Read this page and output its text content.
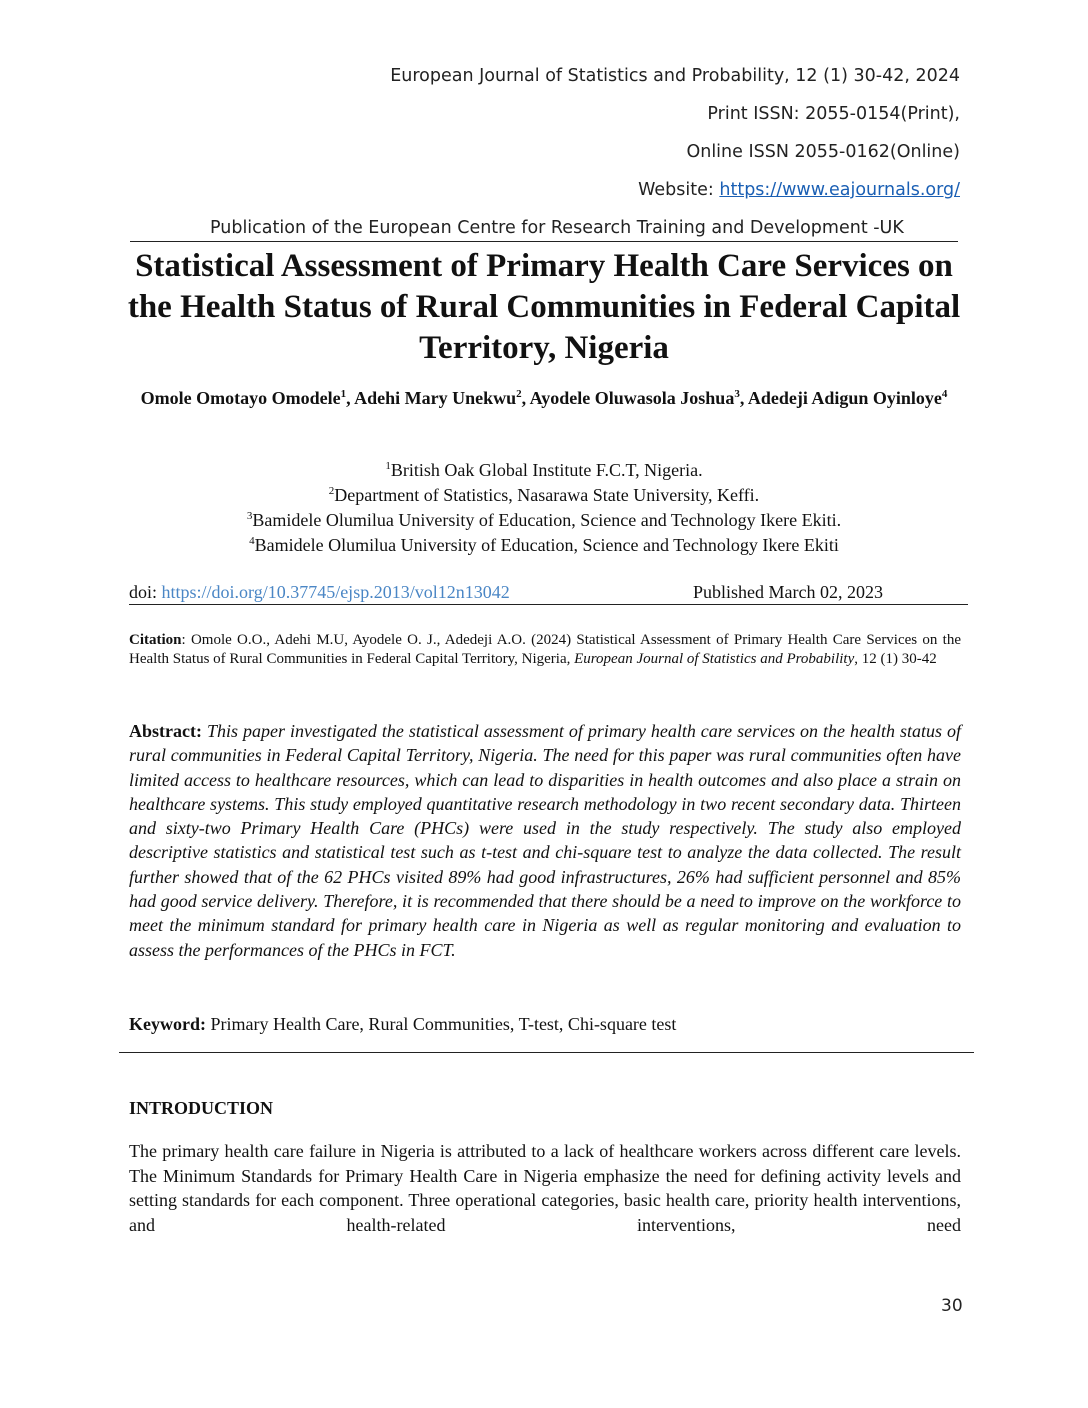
European Journal of Statistics and Probability, 12 (1) 30-42, 2024
Print ISSN: 2055-0154(Print),
Online ISSN 2055-0162(Online)
Website: https://www.eajournals.org/
Publication of the European Centre for Research Training and Development -UK
Statistical Assessment of Primary Health Care Services on the Health Status of Rural Communities in Federal Capital Territory, Nigeria
Omole Omotayo Omodele$^1$, Adehi Mary Unekwu$^2$, Ayodele Oluwasola Joshua$^3$, Adedeji Adigun Oyinloye$^4$
$^1$British Oak Global Institute F.C.T, Nigeria.
$^2$Department of Statistics, Nasarawa State University, Keffi.
$^3$Bamidele Olumilua University of Education, Science and Technology Ikere Ekiti.
$^4$Bamidele Olumilua University of Education, Science and Technology Ikere Ekiti
doi: https://doi.org/10.37745/ejsp.2013/vol12n13042	Published March 02, 2023
Citation: Omole O.O., Adehi M.U, Ayodele O. J., Adedeji A.O. (2024) Statistical Assessment of Primary Health Care Services on the Health Status of Rural Communities in Federal Capital Territory, Nigeria, European Journal of Statistics and Probability, 12 (1) 30-42
Abstract: This paper investigated the statistical assessment of primary health care services on the health status of rural communities in Federal Capital Territory, Nigeria. The need for this paper was rural communities often have limited access to healthcare resources, which can lead to disparities in health outcomes and also place a strain on healthcare systems. This study employed quantitative research methodology in two recent secondary data. Thirteen and sixty-two Primary Health Care (PHCs) were used in the study respectively. The study also employed descriptive statistics and statistical test such as t-test and chi-square test to analyze the data collected. The result further showed that of the 62 PHCs visited 89% had good infrastructures, 26% had sufficient personnel and 85% had good service delivery. Therefore, it is recommended that there should be a need to improve on the workforce to meet the minimum standard for primary health care in Nigeria as well as regular monitoring and evaluation to assess the performances of the PHCs in FCT.
Keyword: Primary Health Care, Rural Communities, T-test, Chi-square test
INTRODUCTION
The primary health care failure in Nigeria is attributed to a lack of healthcare workers across different care levels. The Minimum Standards for Primary Health Care in Nigeria emphasize the need for defining activity levels and setting standards for each component. Three operational categories, basic health care, priority health interventions, and health-related interventions, need
30
